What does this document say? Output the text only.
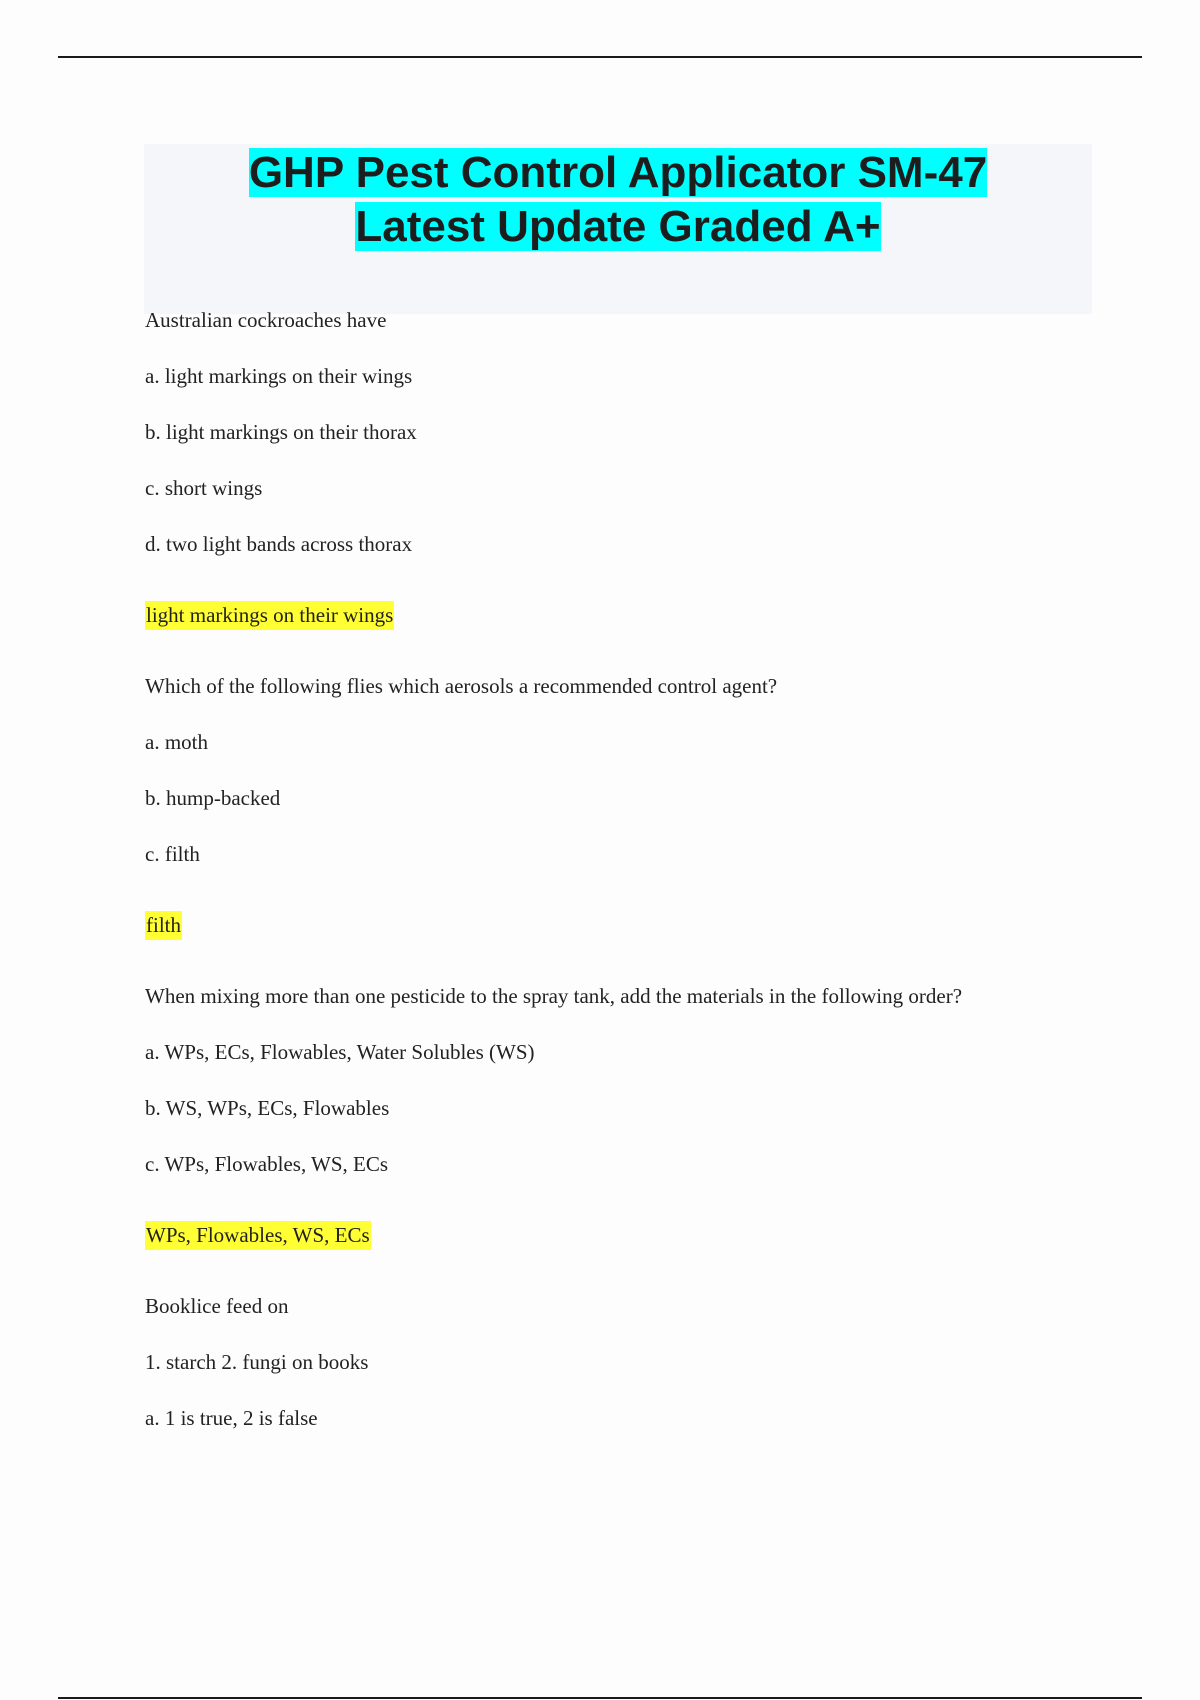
GHP Pest Control Applicator SM-47
Latest Update Graded A+
Australian cockroaches have
a. light markings on their wings
b. light markings on their thorax
c. short wings
d. two light bands across thorax
light markings on their wings
Which of the following flies which aerosols a recommended control agent?
a. moth
b. hump-backed
c. filth
filth
When mixing more than one pesticide to the spray tank, add the materials in the following order?
a. WPs, ECs, Flowables, Water Solubles (WS)
b. WS, WPs, ECs, Flowables
c. WPs, Flowables, WS, ECs
WPs, Flowables, WS, ECs
Booklice feed on
1. starch 2. fungi on books
a. 1 is true, 2 is false
